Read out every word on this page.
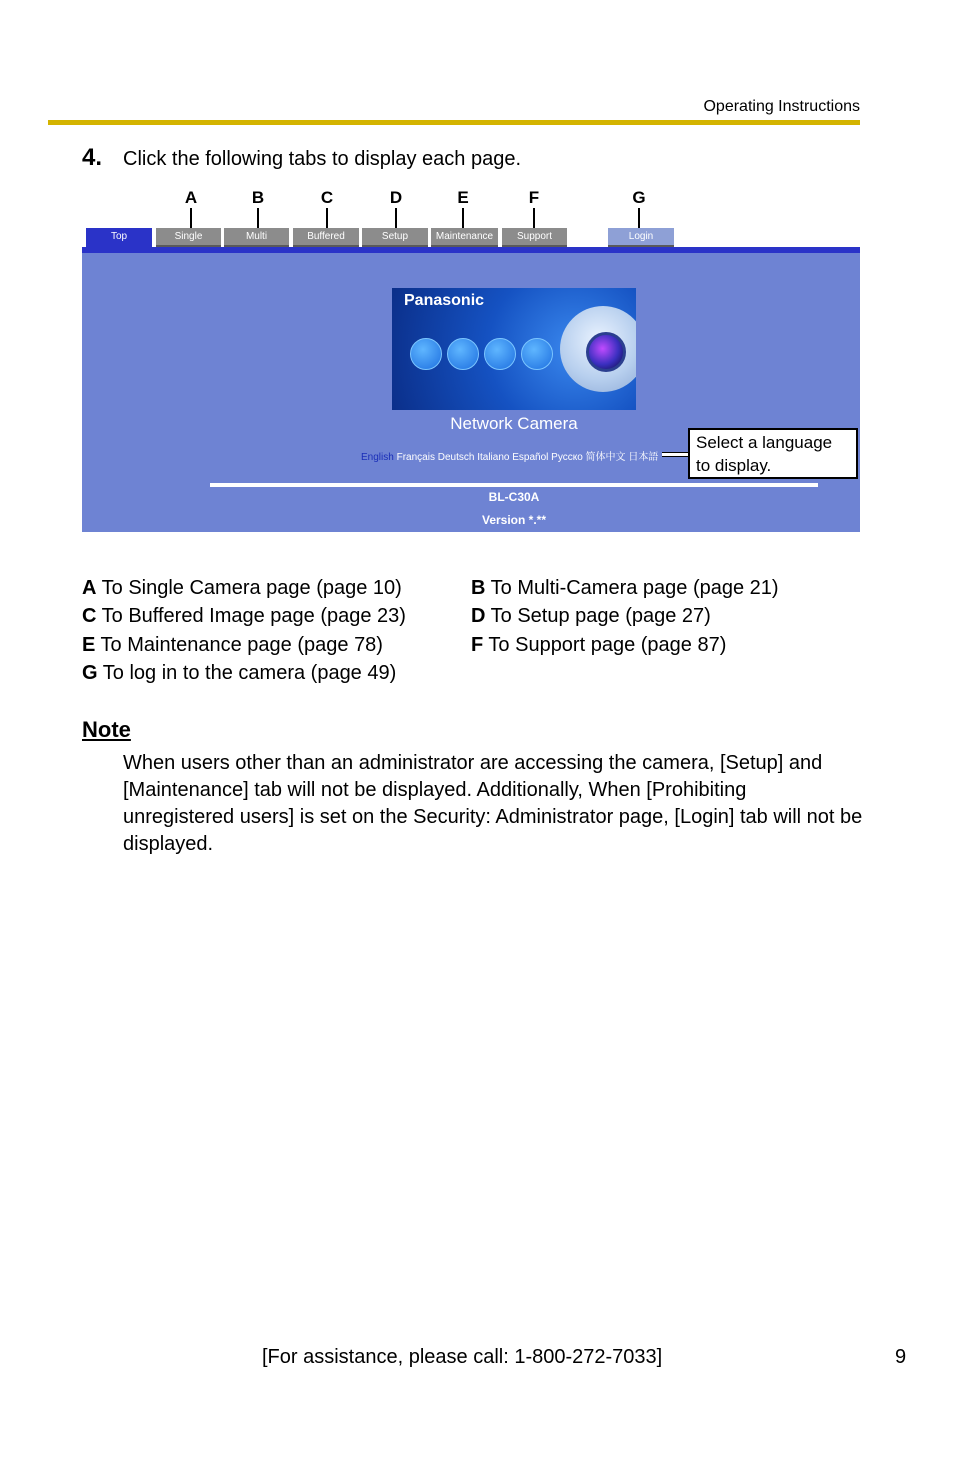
Operating Instructions
4. Click the following tabs to display each page.
A	B	C	D	E	F	G
Top	Single	Multi	Buffered	Setup	Maintenance	Support	Login
Panasonic
Network Camera
English Français Deutsch Italiano Español Русско 简体中文 日本語
Select a language
to display.
BL-C30A
Version *.**
A To Single Camera page (page 10)	B To Multi-Camera page (page 21)
C To Buffered Image page (page 23)	D To Setup page (page 27)
E To Maintenance page (page 78)	F To Support page (page 87)
G To log in to the camera (page 49)
Note
When users other than an administrator are accessing the camera, [Setup] and [Maintenance] tab will not be displayed. Additionally, When [Prohibiting unregistered users] is set on the Security: Administrator page, [Login] tab will not be displayed.
[For assistance, please call: 1-800-272-7033]	9
